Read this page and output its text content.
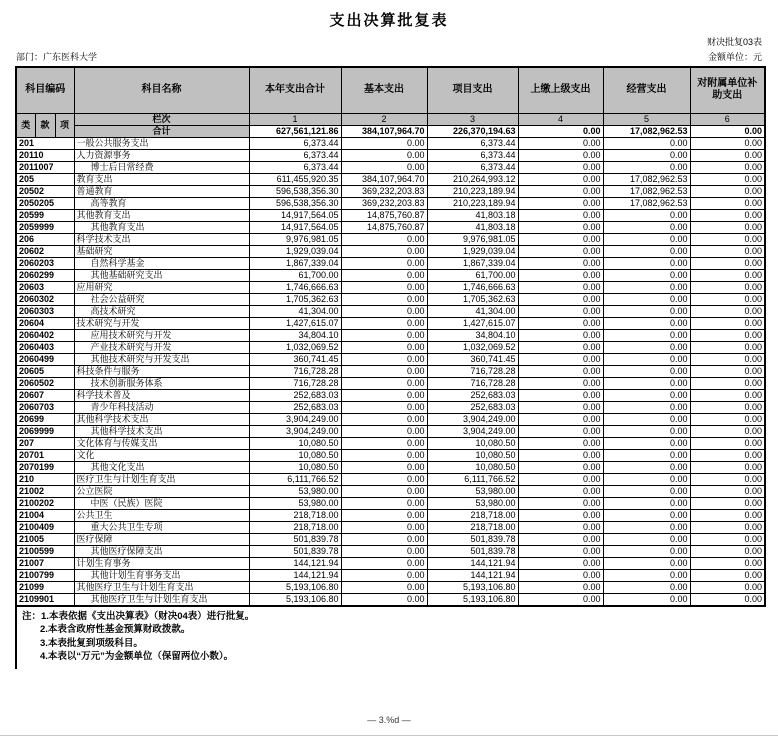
支出决算批复表
财决批复03表
部门：广东医科大学	金额单位：元
科目编码			科目名称	本年支出合计	基本支出	项目支出	上缴上级支出	经营支出	对附属单位补助支出
类	款	项	栏次	1	2	3	4	5	6
			合计	627,561,121.86	384,107,964.70	226,370,194.63	0.00	17,082,962.53	0.00
201			一般公共服务支出	6,373.44	0.00	6,373.44	0.00	0.00	0.00
20110			人力资源事务	6,373.44	0.00	6,373.44	0.00	0.00	0.00
2011007			博士后日常经费	6,373.44	0.00	6,373.44	0.00	0.00	0.00
205			教育支出	611,455,920.35	384,107,964.70	210,264,993.12	0.00	17,082,962.53	0.00
20502			普通教育	596,538,356.30	369,232,203.83	210,223,189.94	0.00	17,082,962.53	0.00
2050205			高等教育	596,538,356.30	369,232,203.83	210,223,189.94	0.00	17,082,962.53	0.00
20599			其他教育支出	14,917,564.05	14,875,760.87	41,803.18	0.00	0.00	0.00
2059999			其他教育支出	14,917,564.05	14,875,760.87	41,803.18	0.00	0.00	0.00
206			科学技术支出	9,976,981.05	0.00	9,976,981.05	0.00	0.00	0.00
20602			基础研究	1,929,039.04	0.00	1,929,039.04	0.00	0.00	0.00
2060203			自然科学基金	1,867,339.04	0.00	1,867,339.04	0.00	0.00	0.00
2060299			其他基础研究支出	61,700.00	0.00	61,700.00	0.00	0.00	0.00
20603			应用研究	1,746,666.63	0.00	1,746,666.63	0.00	0.00	0.00
2060302			社会公益研究	1,705,362.63	0.00	1,705,362.63	0.00	0.00	0.00
2060303			高技术研究	41,304.00	0.00	41,304.00	0.00	0.00	0.00
20604			技术研究与开发	1,427,615.07	0.00	1,427,615.07	0.00	0.00	0.00
2060402			应用技术研究与开发	34,804.10	0.00	34,804.10	0.00	0.00	0.00
2060403			产业技术研究与开发	1,032,069.52	0.00	1,032,069.52	0.00	0.00	0.00
2060499			其他技术研究与开发支出	360,741.45	0.00	360,741.45	0.00	0.00	0.00
20605			科技条件与服务	716,728.28	0.00	716,728.28	0.00	0.00	0.00
2060502			技术创新服务体系	716,728.28	0.00	716,728.28	0.00	0.00	0.00
20607			科学技术普及	252,683.03	0.00	252,683.03	0.00	0.00	0.00
2060703			青少年科技活动	252,683.03	0.00	252,683.03	0.00	0.00	0.00
20699			其他科学技术支出	3,904,249.00	0.00	3,904,249.00	0.00	0.00	0.00
2069999			其他科学技术支出	3,904,249.00	0.00	3,904,249.00	0.00	0.00	0.00
207			文化体育与传媒支出	10,080.50	0.00	10,080.50	0.00	0.00	0.00
20701			文化	10,080.50	0.00	10,080.50	0.00	0.00	0.00
2070199			其他文化支出	10,080.50	0.00	10,080.50	0.00	0.00	0.00
210			医疗卫生与计划生育支出	6,111,766.52	0.00	6,111,766.52	0.00	0.00	0.00
21002			公立医院	53,980.00	0.00	53,980.00	0.00	0.00	0.00
2100202			中医（民族）医院	53,980.00	0.00	53,980.00	0.00	0.00	0.00
21004			公共卫生	218,718.00	0.00	218,718.00	0.00	0.00	0.00
2100409			重大公共卫生专项	218,718.00	0.00	218,718.00	0.00	0.00	0.00
21005			医疗保障	501,839.78	0.00	501,839.78	0.00	0.00	0.00
2100599			其他医疗保障支出	501,839.78	0.00	501,839.78	0.00	0.00	0.00
21007			计划生育事务	144,121.94	0.00	144,121.94	0.00	0.00	0.00
2100799			其他计划生育事务支出	144,121.94	0.00	144,121.94	0.00	0.00	0.00
21099			其他医疗卫生与计划生育支出	5,193,106.80	0.00	5,193,106.80	0.00	0.00	0.00
2109901			其他医疗卫生与计划生育支出	5,193,106.80	0.00	5,193,106.80	0.00	0.00	0.00
注：1.本表依据《支出决算表》（财决04表）进行批复。
2.本表含政府性基金预算财政拨款。
3.本表批复到项级科目。
4.本表以“万元”为金额单位（保留两位小数）。
— 3.%d —
